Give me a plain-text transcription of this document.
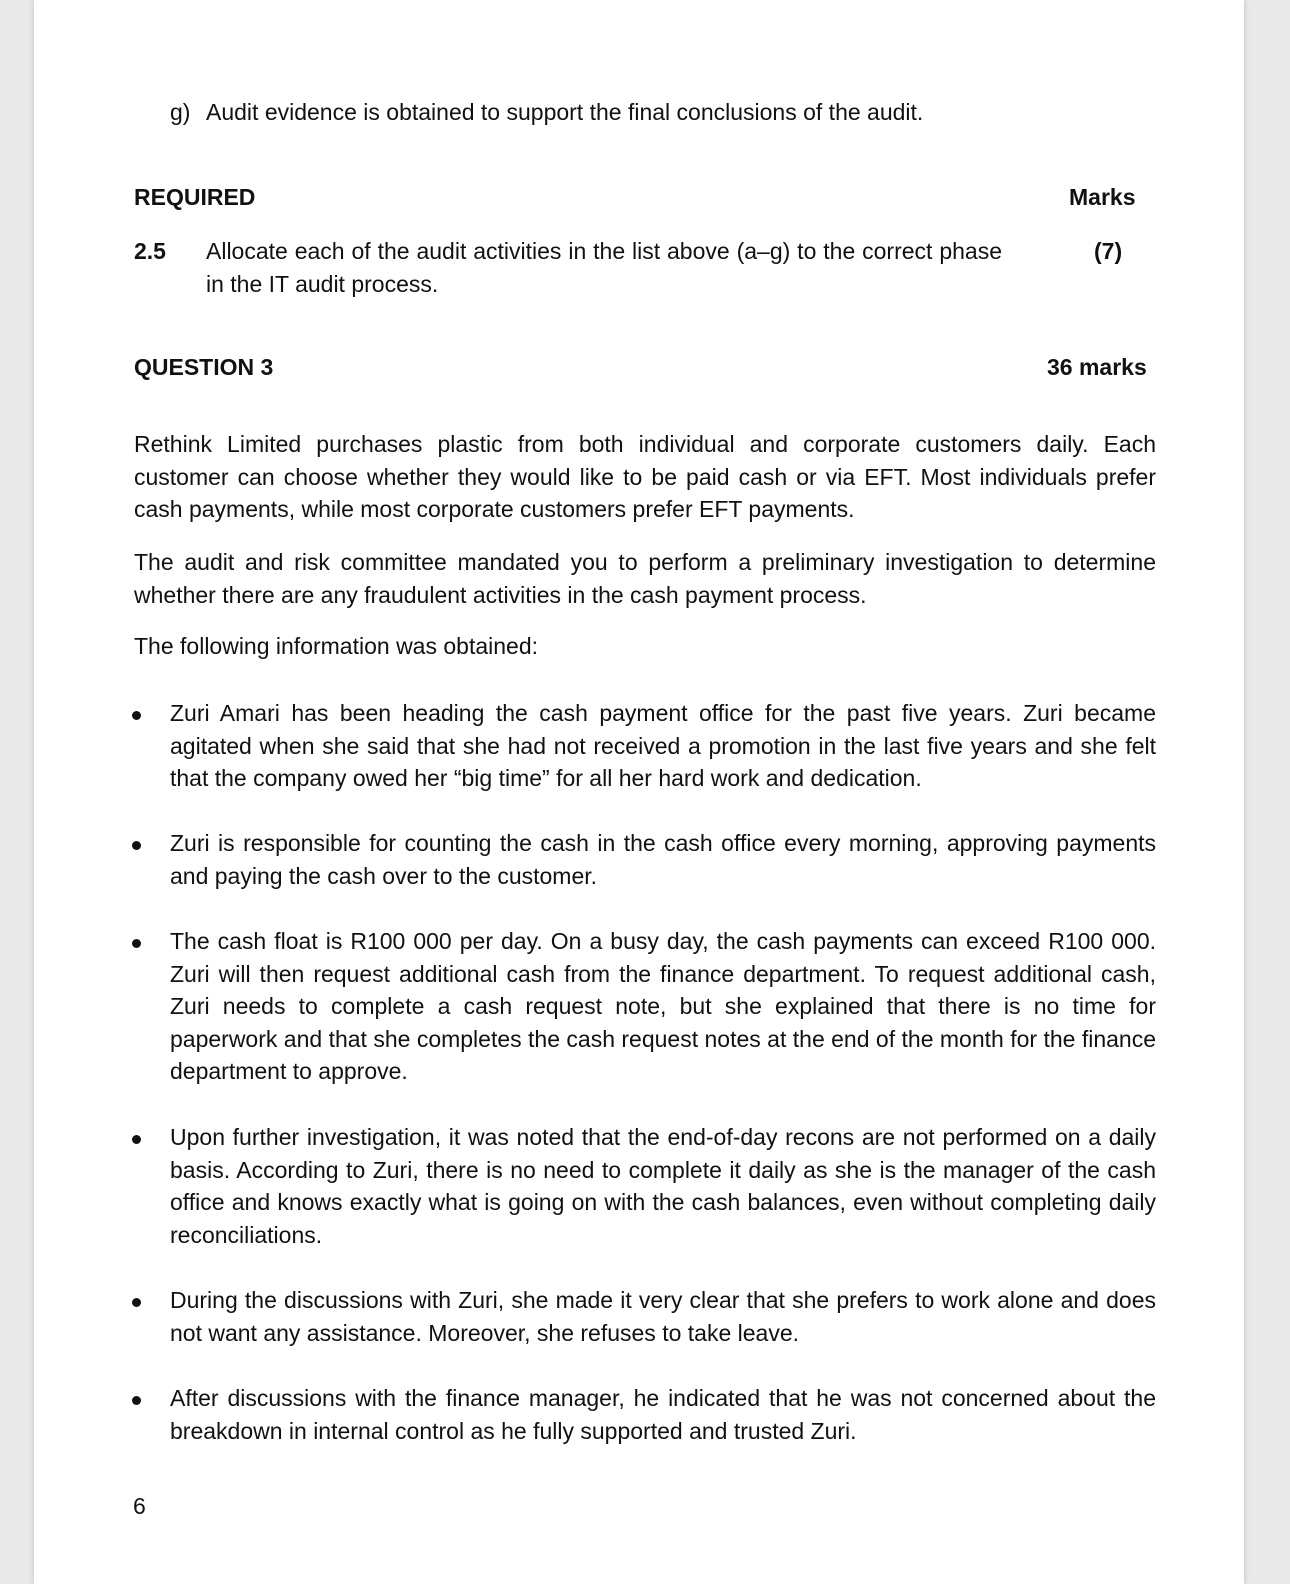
g) Audit evidence is obtained to support the final conclusions of the audit.
REQUIRED	Marks
2.5 Allocate each of the audit activities in the list above (a–g) to the correct phase in the IT audit process.
(7)
QUESTION 3	36 marks
Rethink Limited purchases plastic from both individual and corporate customers daily. Each customer can choose whether they would like to be paid cash or via EFT. Most individuals prefer cash payments, while most corporate customers prefer EFT payments.
The audit and risk committee mandated you to perform a preliminary investigation to determine whether there are any fraudulent activities in the cash payment process.
The following information was obtained:
Zuri Amari has been heading the cash payment office for the past five years. Zuri became agitated when she said that she had not received a promotion in the last five years and she felt that the company owed her “big time” for all her hard work and dedication.
Zuri is responsible for counting the cash in the cash office every morning, approving payments and paying the cash over to the customer.
The cash float is R100 000 per day. On a busy day, the cash payments can exceed R100 000. Zuri will then request additional cash from the finance department. To request additional cash, Zuri needs to complete a cash request note, but she explained that there is no time for paperwork and that she completes the cash request notes at the end of the month for the finance department to approve.
Upon further investigation, it was noted that the end-of-day recons are not performed on a daily basis. According to Zuri, there is no need to complete it daily as she is the manager of the cash office and knows exactly what is going on with the cash balances, even without completing daily reconciliations.
During the discussions with Zuri, she made it very clear that she prefers to work alone and does not want any assistance. Moreover, she refuses to take leave.
After discussions with the finance manager, he indicated that he was not concerned about the breakdown in internal control as he fully supported and trusted Zuri.
6
